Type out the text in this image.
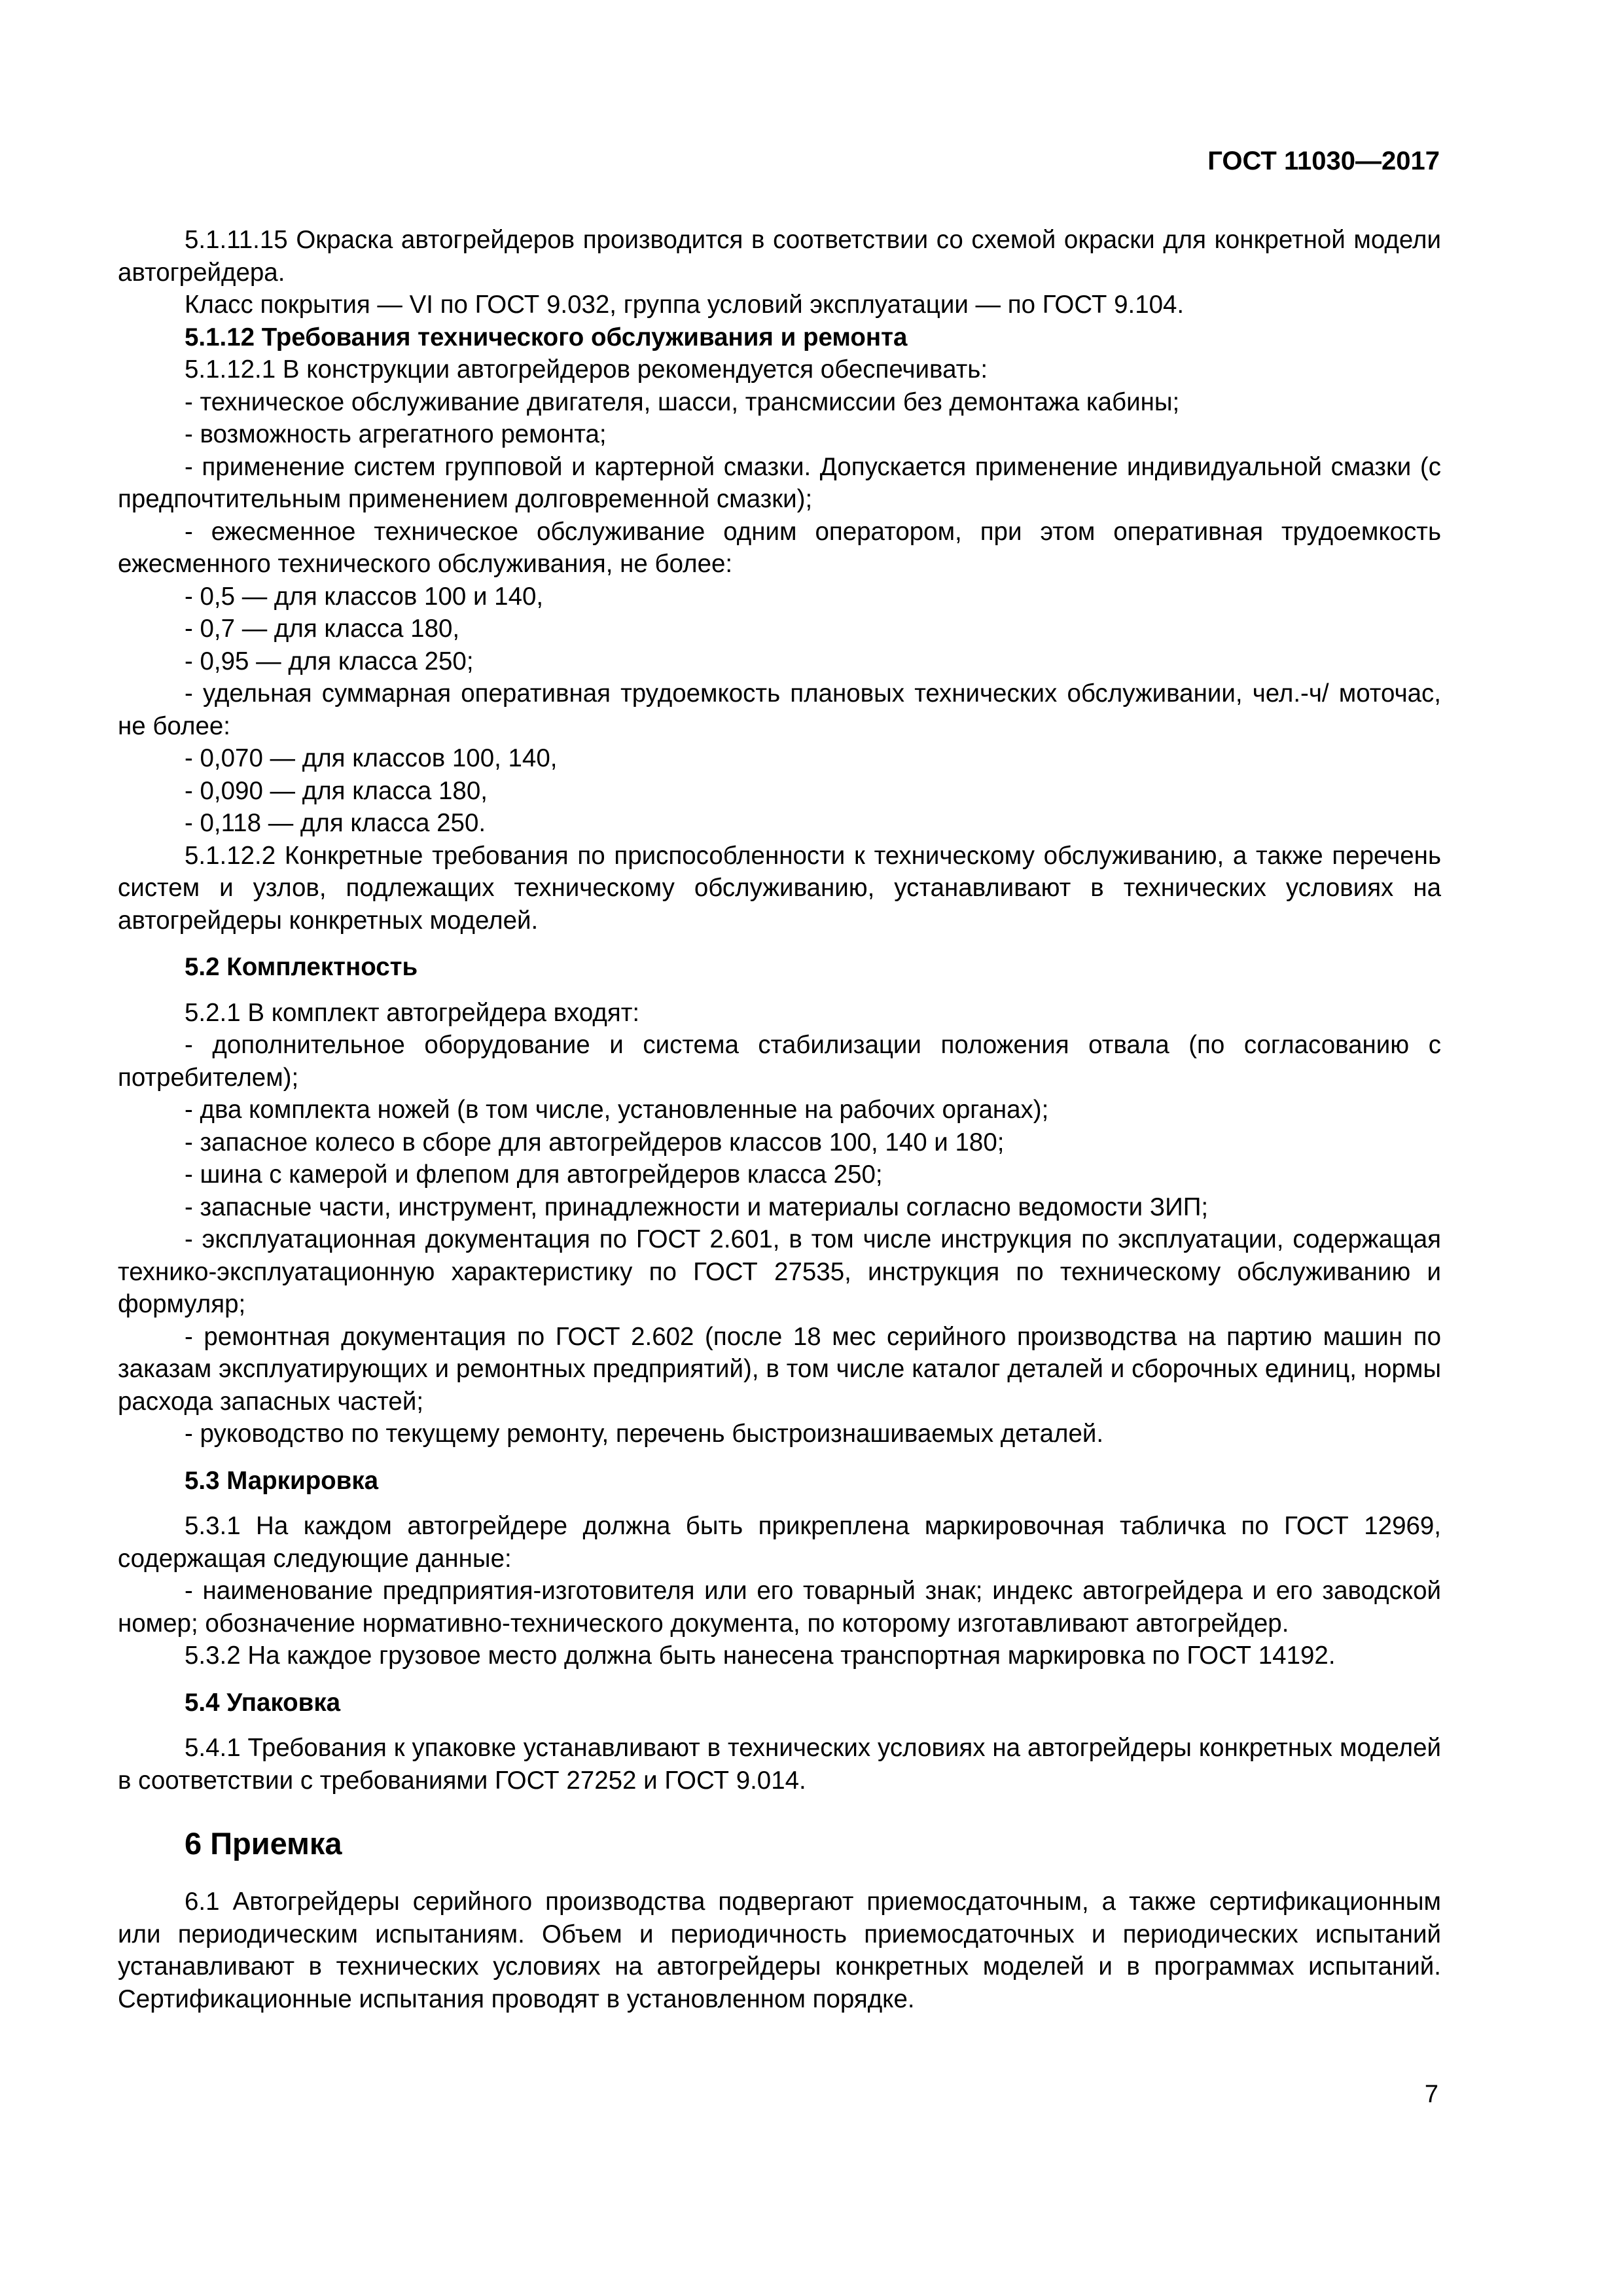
ГОСТ 11030—2017

5.1.11.15 Окраска автогрейдеров производится в соответствии со схемой окраски для конкретной модели автогрейдера.

Класс покрытия — VI по ГОСТ 9.032, группа условий эксплуатации — по ГОСТ 9.104.

5.1.12 Требования технического обслуживания и ремонта

5.1.12.1 В конструкции автогрейдеров рекомендуется обеспечивать:

- техническое обслуживание двигателя, шасси, трансмиссии без демонтажа кабины;

- возможность агрегатного ремонта;

- применение систем групповой и картерной смазки. Допускается применение индивидуальной смазки (с предпочтительным применением долговременной смазки);

- ежесменное техническое обслуживание одним оператором, при этом оперативная трудоемкость ежесменного технического обслуживания, не более:

- 0,5 — для классов 100 и 140,

- 0,7 — для класса 180,

- 0,95 — для класса 250;

- удельная суммарная оперативная трудоемкость плановых технических обслуживании, чел.-ч/ моточас, не более:

- 0,070 — для классов 100, 140,

- 0,090 — для класса 180,

- 0,118 — для класса 250.

5.1.12.2 Конкретные требования по приспособленности к техническому обслуживанию, а также перечень систем и узлов, подлежащих техническому обслуживанию, устанавливают в технических условиях на автогрейдеры конкретных моделей.

5.2 Комплектность

5.2.1 В комплект автогрейдера входят:

- дополнительное оборудование и система стабилизации положения отвала (по согласованию с потребителем);

- два комплекта ножей (в том числе, установленные на рабочих органах);

- запасное колесо в сборе для автогрейдеров классов 100, 140 и 180;

- шина с камерой и флепом для автогрейдеров класса 250;

- запасные части, инструмент, принадлежности и материалы согласно ведомости ЗИП;

- эксплуатационная документация по ГОСТ 2.601, в том числе инструкция по эксплуатации, содержащая технико-эксплуатационную характеристику по ГОСТ 27535, инструкция по техническому обслуживанию и формуляр;

- ремонтная документация по ГОСТ 2.602 (после 18 мес серийного производства на партию машин по заказам эксплуатирующих и ремонтных предприятий), в том числе каталог деталей и сборочных единиц, нормы расхода запасных частей;

- руководство по текущему ремонту, перечень быстроизнашиваемых деталей.

5.3 Маркировка

5.3.1 На каждом автогрейдере должна быть прикреплена маркировочная табличка по ГОСТ 12969, содержащая следующие данные:

- наименование предприятия-изготовителя или его товарный знак; индекс автогрейдера и его заводской номер; обозначение нормативно-технического документа, по которому изготавливают автогрейдер.

5.3.2 На каждое грузовое место должна быть нанесена транспортная маркировка по ГОСТ 14192.

5.4 Упаковка

5.4.1 Требования к упаковке устанавливают в технических условиях на автогрейдеры конкретных моделей в соответствии с требованиями ГОСТ 27252 и ГОСТ 9.014.

6 Приемка

6.1 Автогрейдеры серийного производства подвергают приемосдаточным, а также сертификационным или периодическим испытаниям. Объем и периодичность приемосдаточных и периодических испытаний устанавливают в технических условиях на автогрейдеры конкретных моделей и в программах испытаний. Сертификационные испытания проводят в установленном порядке.

7
